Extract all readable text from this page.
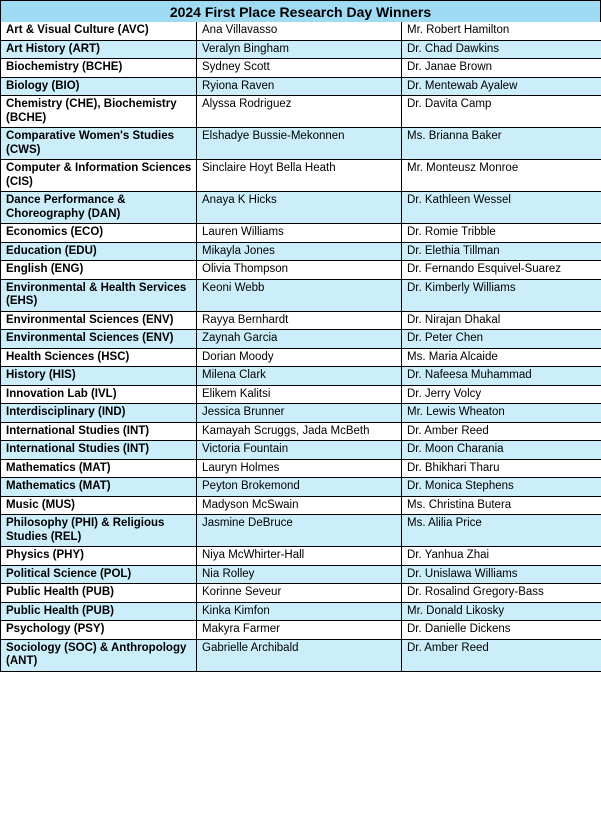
2024 First Place Research Day Winners
Art & Visual Culture (AVC)	Ana Villavasso	Mr. Robert Hamilton
Art History (ART)	Veralyn Bingham	Dr. Chad Dawkins
Biochemistry (BCHE)	Sydney Scott	Dr. Janae Brown
Biology (BIO)	Ryiona Raven	Dr. Mentewab Ayalew
Chemistry (CHE), Biochemistry (BCHE)	Alyssa Rodriguez	Dr. Davita Camp
Comparative Women's Studies (CWS)	Elshadye Bussie-Mekonnen	Ms. Brianna Baker
Computer & Information Sciences (CIS)	Sinclaire Hoyt Bella Heath	Mr. Monteusz Monroe
Dance Performance & Choreography (DAN)	Anaya K Hicks	Dr. Kathleen Wessel
Economics (ECO)	Lauren Williams	Dr. Romie Tribble
Education (EDU)	Mikayla Jones	Dr. Elethia Tillman
English (ENG)	Olivia Thompson	Dr. Fernando Esquivel-Suarez
Environmental & Health Services (EHS)	Keoni Webb	Dr. Kimberly Williams
Environmental Sciences (ENV)	Rayya Bernhardt	Dr. Nirajan Dhakal
Environmental Sciences (ENV)	Zaynah Garcia	Dr. Peter Chen
Health Sciences (HSC)	Dorian Moody	Ms. Maria Alcaide
History (HIS)	Milena Clark	Dr. Nafeesa Muhammad
Innovation Lab (IVL)	Elikem Kalitsi	Dr. Jerry Volcy
Interdisciplinary (IND)	Jessica Brunner	Mr. Lewis Wheaton
International Studies (INT)	Kamayah Scruggs, Jada McBeth	Dr. Amber Reed
International Studies (INT)	Victoria Fountain	Dr. Moon Charania
Mathematics (MAT)	Lauryn Holmes	Dr. Bhikhari Tharu
Mathematics (MAT)	Peyton Brokemond	Dr. Monica Stephens
Music (MUS)	Madyson McSwain	Ms. Christina Butera
Philosophy (PHI) & Religious Studies (REL)	Jasmine DeBruce	Ms. Alilia Price
Physics (PHY)	Niya McWhirter-Hall	Dr. Yanhua Zhai
Political Science (POL)	Nia Rolley	Dr. Unislawa Williams
Public Health (PUB)	Korinne Seveur	Dr. Rosalind Gregory-Bass
Public Health (PUB)	Kinka Kimfon	Mr. Donald Likosky
Psychology (PSY)	Makyra Farmer	Dr. Danielle Dickens
Sociology (SOC) & Anthropology (ANT)	Gabrielle Archibald	Dr. Amber Reed
